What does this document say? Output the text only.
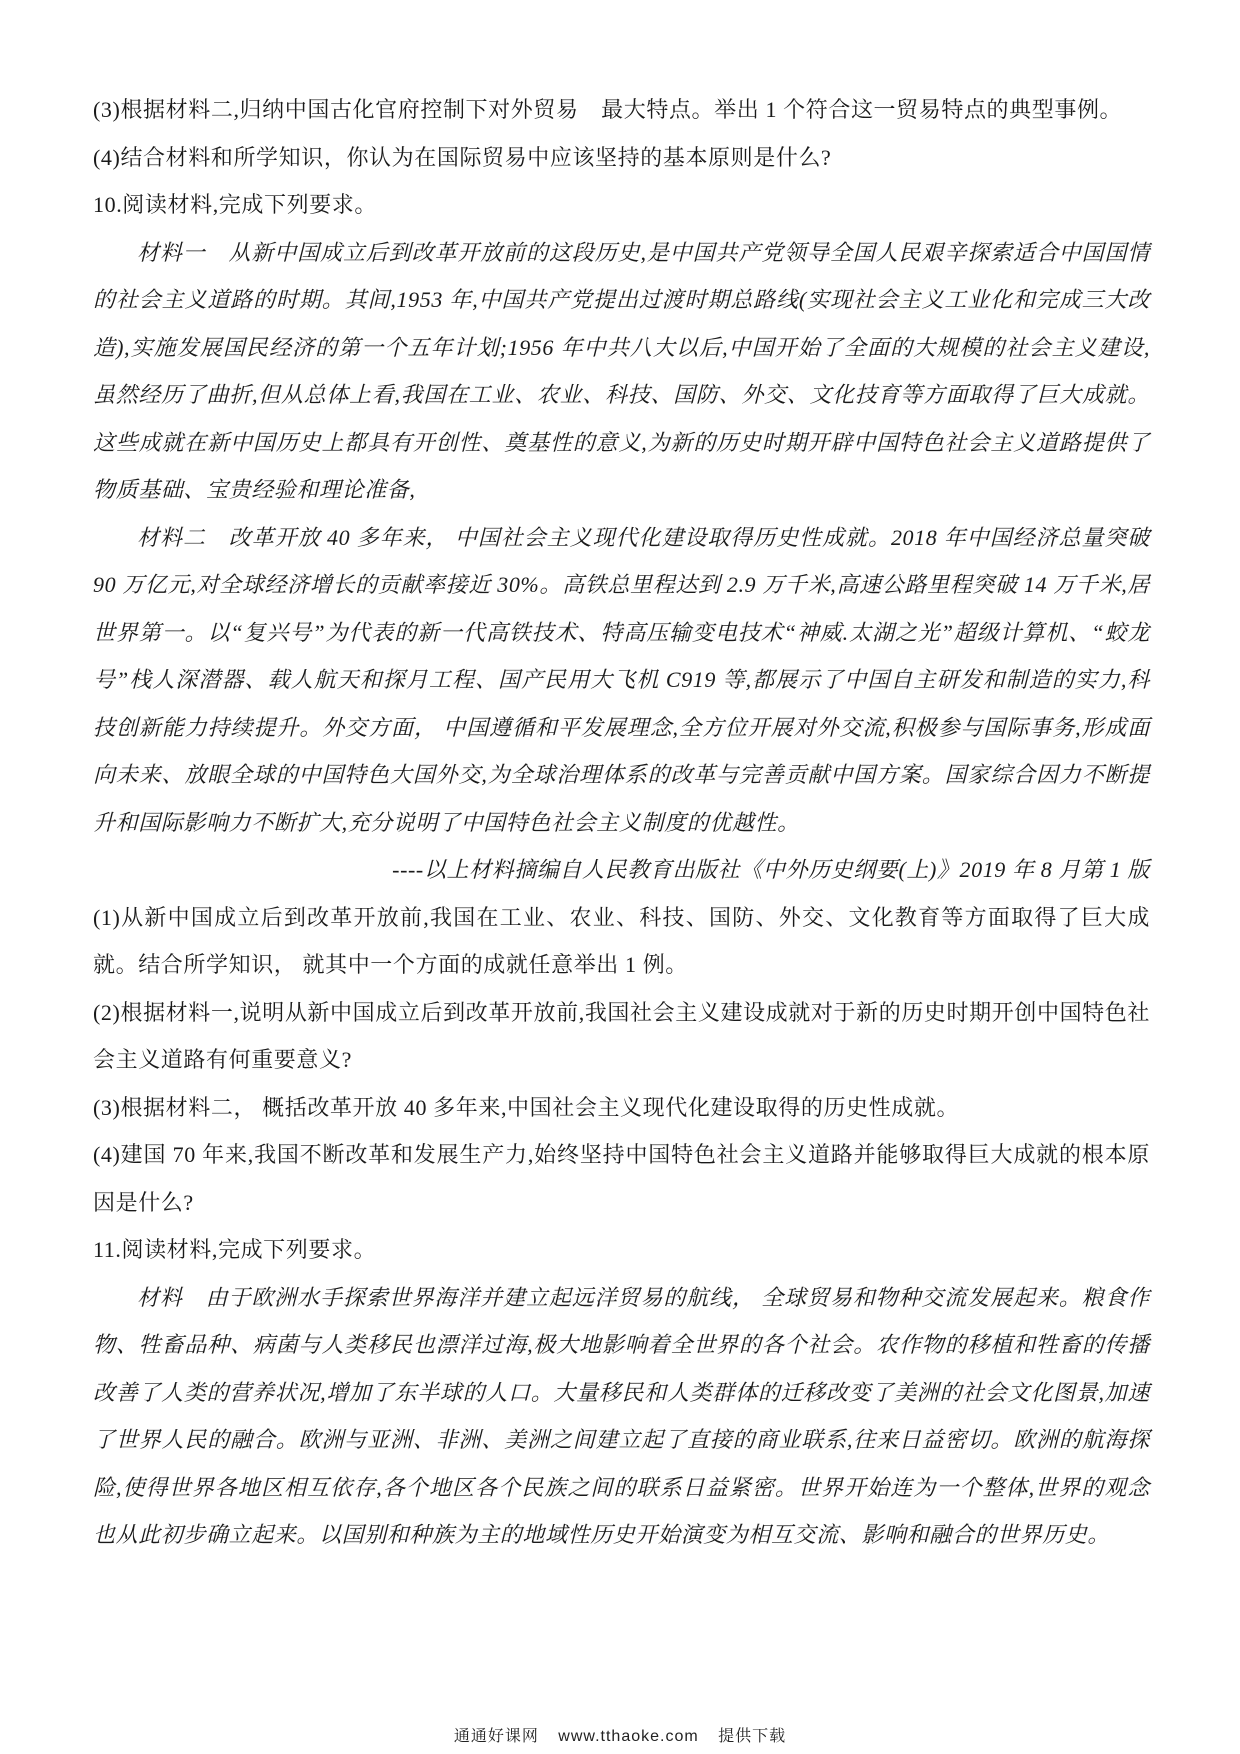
(3)根据材料二,归纳中国古化官府控制下对外贸易　最大特点。举出 1 个符合这一贸易特点的典型事例。

(4)结合材料和所学知识，你认为在国际贸易中应该坚持的基本原则是什么?

10.阅读材料,完成下列要求。

材料一　从新中国成立后到改革开放前的这段历史,是中国共产党领导全国人民艰辛探索适合中国国情的社会主义道路的时期。其间,1953 年,中国共产党提出过渡时期总路线(实现社会主义工业化和完成三大改造),实施发展国民经济的第一个五年计划;1956 年中共八大以后,中国开始了全面的大规模的社会主义建设,虽然经历了曲折,但从总体上看,我国在工业、农业、科技、国防、外交、文化技育等方面取得了巨大成就。这些成就在新中国历史上都具有开创性、奠基性的意义,为新的历史时期开辟中国特色社会主义道路提供了物质基础、宝贵经验和理论准备,

材料二　改革开放 40 多年来， 中国社会主义现代化建设取得历史性成就。2018 年中国经济总量突破 90 万亿元,对全球经济增长的贡献率接近 30%。高铁总里程达到 2.9 万千米,高速公路里程突破 14 万千米,居世界第一。以“复兴号”为代表的新一代高铁技术、特高压输变电技术“神威.太湖之光”超级计算机、“蛟龙号”栈人深潜器、载人航天和探月工程、国产民用大飞机 C919 等,都展示了中国自主研发和制造的实力,科技创新能力持续提升。外交方面， 中国遵循和平发展理念,全方位开展对外交流,积极参与国际事务,形成面向未来、放眼全球的中国特色大国外交,为全球治理体系的改革与完善贡献中国方案。国家综合因力不断提升和国际影响力不断扩大,充分说明了中国特色社会主义制度的优越性。

----以上材料摘编自人民教育出版社《中外历史纲要(上)》2019 年 8 月第 1 版

(1)从新中国成立后到改革开放前,我国在工业、农业、科技、国防、外交、文化教育等方面取得了巨大成就。结合所学知识， 就其中一个方面的成就任意举出 1 例。

(2)根据材料一,说明从新中国成立后到改革开放前,我国社会主义建设成就对于新的历史时期开创中国特色社会主义道路有何重要意义?

(3)根据材料二， 概括改革开放 40 多年来,中国社会主义现代化建设取得的历史性成就。

(4)建国 70 年来,我国不断改革和发展生产力,始终坚持中国特色社会主义道路并能够取得巨大成就的根本原因是什么?

11.阅读材料,完成下列要求。

材料　由于欧洲水手探索世界海洋并建立起远洋贸易的航线， 全球贸易和物种交流发展起来。粮食作物、牲畜品种、病菌与人类移民也漂洋过海,极大地影响着全世界的各个社会。农作物的移植和牲畜的传播改善了人类的营养状况,增加了东半球的人口。大量移民和人类群体的迁移改变了美洲的社会文化图景,加速了世界人民的融合。欧洲与亚洲、非洲、美洲之间建立起了直接的商业联系,往来日益密切。欧洲的航海探险,使得世界各地区相互依存,各个地区各个民族之间的联系日益紧密。世界开始连为一个整体,世界的观念也从此初步确立起来。以国别和种族为主的地域性历史开始演变为相互交流、影响和融合的世界历史。

通通好课网 www.tthaoke.com 提供下载
